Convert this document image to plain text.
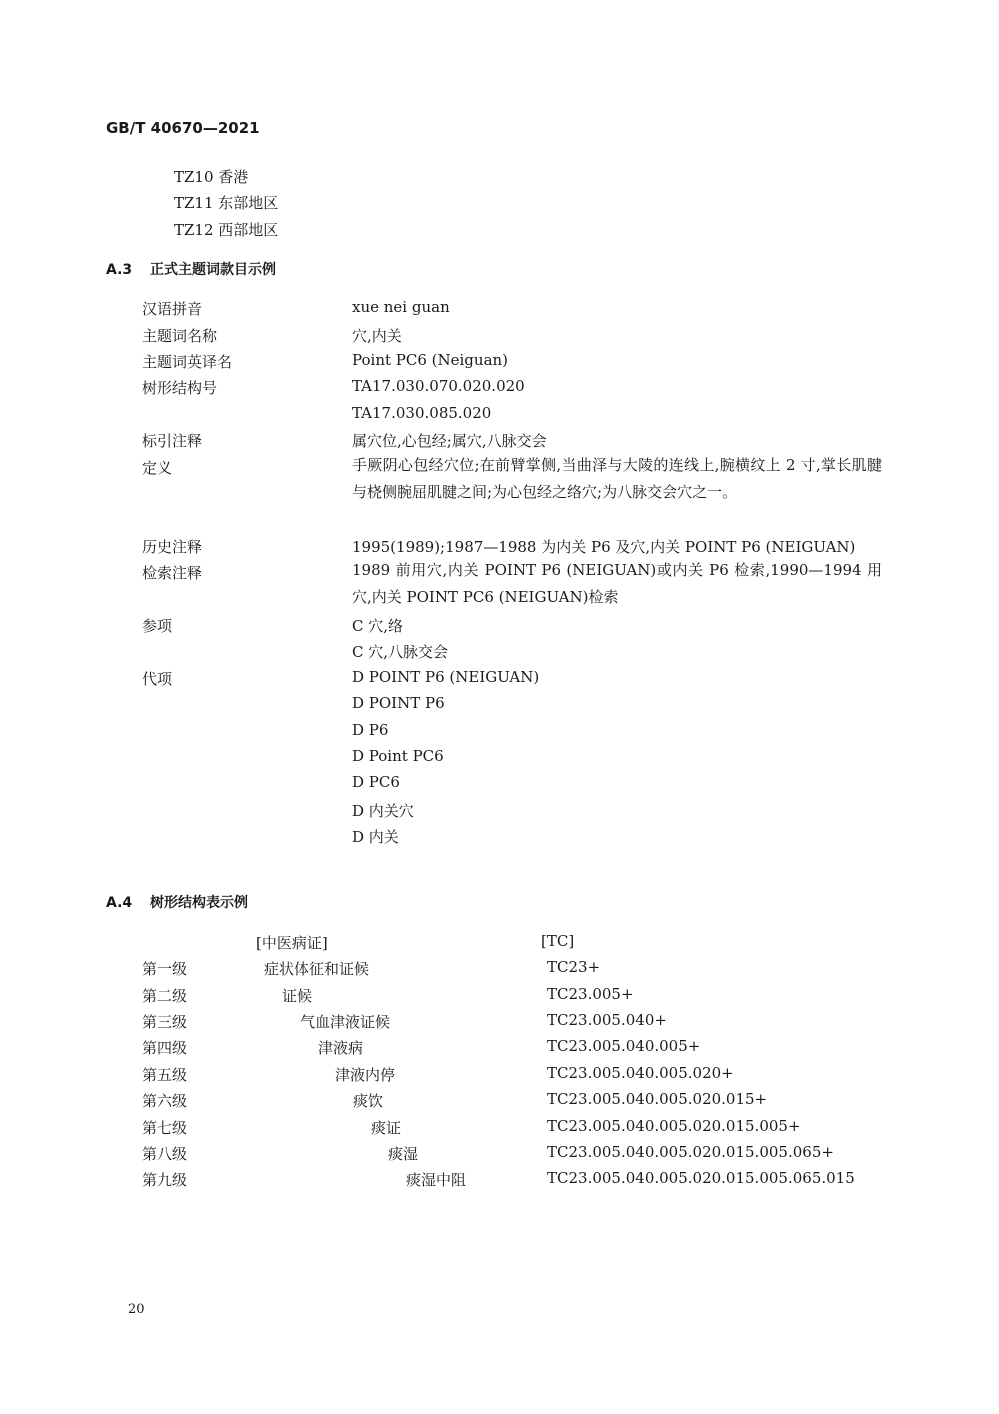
GB/T 40670—2021
TZ10 香港
TZ11 东部地区
TZ12 西部地区
A.3 正式主题词款目示例
汉语拼音	xue nei guan
主题词名称	穴,内关
主题词英译名	Point PC6 (Neiguan)
树形结构号	TA17.030.070.020.020
TA17.030.085.020
标引注释	属穴位,心包经;属穴,八脉交会
定义	手厥阴心包经穴位;在前臂掌侧,当曲泽与大陵的连线上,腕横纹上 2 寸,掌长肌腱与桡侧腕屈肌腱之间;为心包经之络穴;为八脉交会穴之一。
历史注释	1995(1989);1987—1988 为内关 P6 及穴,内关 POINT P6 (NEIGUAN)
检索注释	1989 前用穴,内关 POINT P6 (NEIGUAN)或内关 P6 检索,1990—1994 用穴,内关 POINT PC6 (NEIGUAN)检索
参项	C 穴,络
C 穴,八脉交会
代项	D POINT P6 (NEIGUAN)
D POINT P6
D P6
D Point PC6
D PC6
D 内关穴
D 内关
A.4 树形结构表示例
[中医病证]	[TC]
第一级	症状体征和证候	TC23+
第二级	证候	TC23.005+
第三级	气血津液证候	TC23.005.040+
第四级	津液病	TC23.005.040.005+
第五级	津液内停	TC23.005.040.005.020+
第六级	痰饮	TC23.005.040.005.020.015+
第七级	痰证	TC23.005.040.005.020.015.005+
第八级	痰湿	TC23.005.040.005.020.015.005.065+
第九级	痰湿中阻	TC23.005.040.005.020.015.005.065.015
20
